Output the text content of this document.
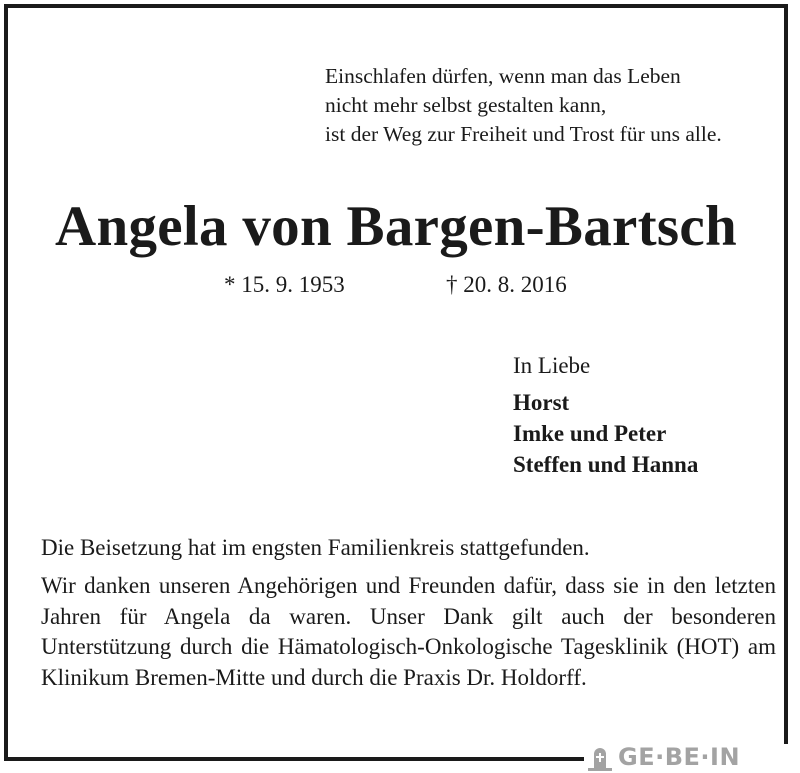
Einschlafen dürfen, wenn man das Leben
nicht mehr selbst gestalten kann,
ist der Weg zur Freiheit und Trost für uns alle.
Angela von Bargen-Bartsch
* 15. 9. 1953	† 20. 8. 2016
In Liebe
Horst
Imke und Peter
Steffen und Hanna
Die Beisetzung hat im engsten Familienkreis stattgefunden.
Wir danken unseren Angehörigen und Freunden dafür, dass sie in den letzten Jahren für Angela da waren. Unser Dank gilt auch der besonderen Unterstützung durch die Hämatologisch-Onkologische Tagesklinik (HOT) am Klinikum Bremen-Mitte und durch die Praxis Dr. Holdorff.
GE·BE·IN
